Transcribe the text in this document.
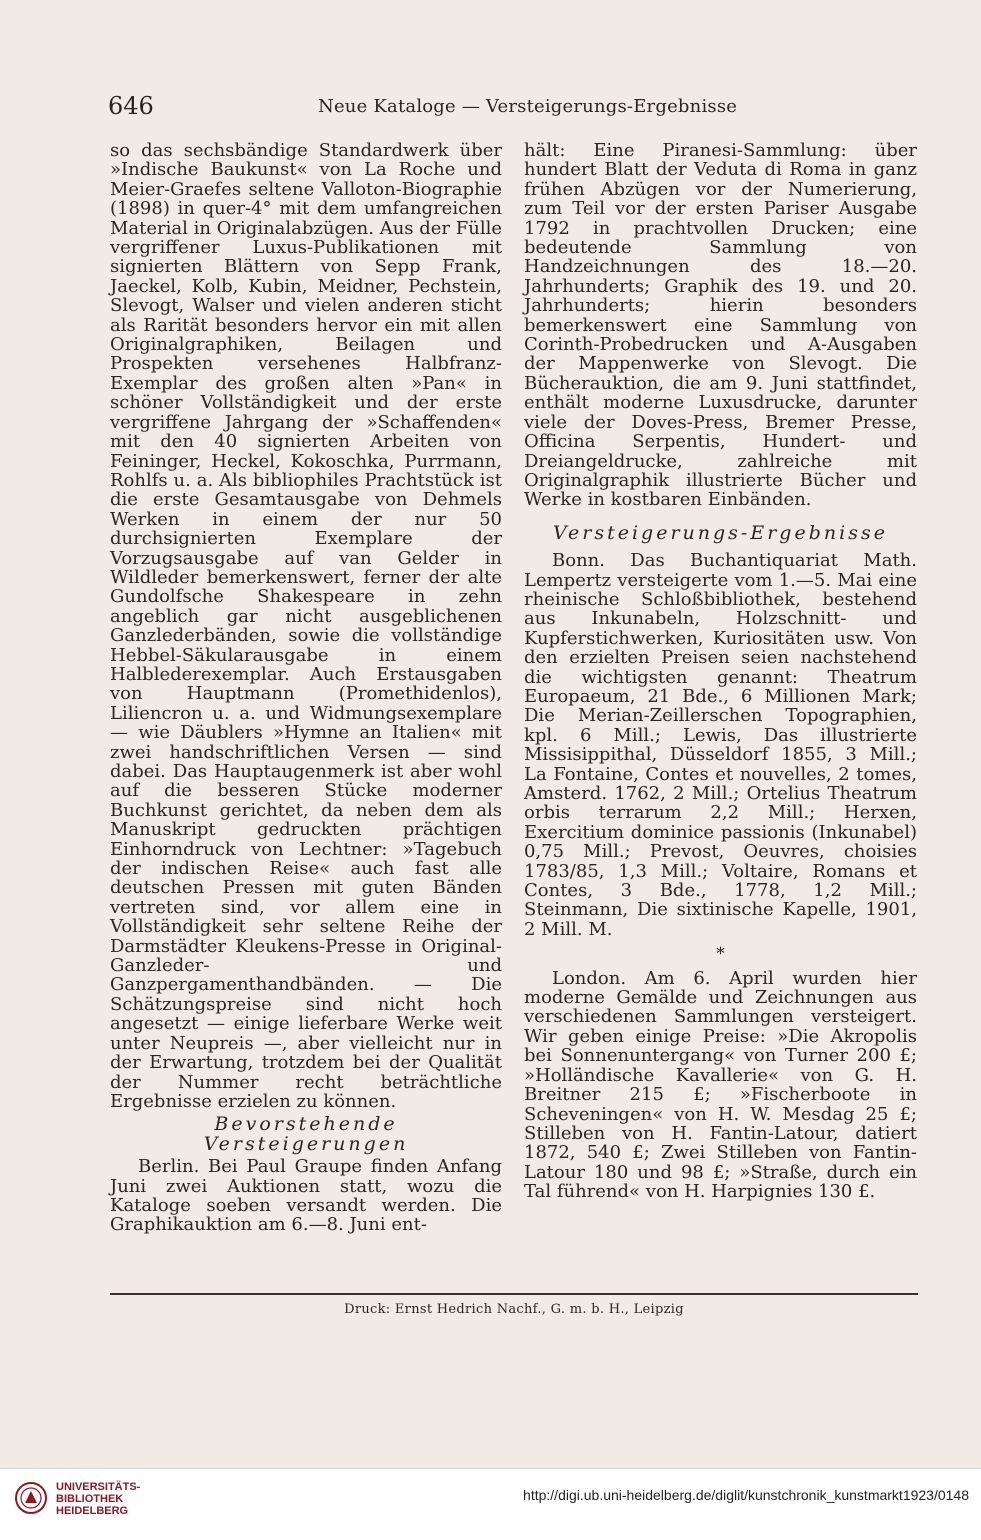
646	Neue Kataloge — Versteigerungs-Ergebnisse

so das sechsbändige Standardwerk über »Indische Baukunst« von La Roche und Meier-Graefes seltene Valloton-Biographie (1898) in quer-4° mit dem umfangreichen Material in Originalabzügen. Aus der Fülle vergriffener Luxus-Publikationen mit signierten Blättern von Sepp Frank, Jaeckel, Kolb, Kubin, Meidner, Pechstein, Slevogt, Walser und vielen anderen sticht als Rarität besonders hervor ein mit allen Originalgraphiken, Beilagen und Prospekten versehenes Halbfranz-Exemplar des großen alten »Pan« in schöner Vollständigkeit und der erste vergriffene Jahrgang der »Schaffenden« mit den 40 signierten Arbeiten von Feininger, Heckel, Kokoschka, Purrmann, Rohlfs u. a. Als bibliophiles Prachtstück ist die erste Gesamtausgabe von Dehmels Werken in einem der nur 50 durchsignierten Exemplare der Vorzugsausgabe auf van Gelder in Wildleder bemerkenswert, ferner der alte Gundolfsche Shakespeare in zehn angeblich gar nicht ausgeblichenen Ganzlederbänden, sowie die vollständige Hebbel-Säkularausgabe in einem Halblederexemplar. Auch Erstausgaben von Hauptmann (Promethidenlos), Liliencron u. a. und Widmungsexemplare — wie Däublers »Hymne an Italien« mit zwei handschriftlichen Versen — sind dabei. Das Hauptaugenmerk ist aber wohl auf die besseren Stücke moderner Buchkunst gerichtet, da neben dem als Manuskript gedruckten prächtigen Einhorndruck von Lechtner: »Tagebuch der indischen Reise« auch fast alle deutschen Pressen mit guten Bänden vertreten sind, vor allem eine in Vollständigkeit sehr seltene Reihe der Darmstädter Kleukens-Presse in Original-Ganzleder- und Ganzpergamenthandbänden. — Die Schätzungspreise sind nicht hoch angesetzt — einige lieferbare Werke weit unter Neupreis —, aber vielleicht nur in der Erwartung, trotzdem bei der Qualität der Nummer recht beträchtliche Ergebnisse erzielen zu können.

Bevorstehende Versteigerungen

Berlin. Bei Paul Graupe finden Anfang Juni zwei Auktionen statt, wozu die Kataloge soeben versandt werden. Die Graphikauktion am 6.—8. Juni ent-

hält: Eine Piranesi-Sammlung: über hundert Blatt der Veduta di Roma in ganz frühen Abzügen vor der Numerierung, zum Teil vor der ersten Pariser Ausgabe 1792 in prachtvollen Drucken; eine bedeutende Sammlung von Handzeichnungen des 18.—20. Jahrhunderts; Graphik des 19. und 20. Jahrhunderts; hierin besonders bemerkenswert eine Sammlung von Corinth-Probedrucken und A-Ausgaben der Mappenwerke von Slevogt. Die Bücherauktion, die am 9. Juni stattfindet, enthält moderne Luxusdrucke, darunter viele der Doves-Press, Bremer Presse, Officina Serpentis, Hundert- und Dreiangeldrucke, zahlreiche mit Originalgraphik illustrierte Bücher und Werke in kostbaren Einbänden.

Versteigerungs-Ergebnisse

Bonn. Das Buchantiquariat Math. Lempertz versteigerte vom 1.—5. Mai eine rheinische Schloßbibliothek, bestehend aus Inkunabeln, Holzschnitt- und Kupferstichwerken, Kuriositäten usw. Von den erzielten Preisen seien nachstehend die wichtigsten genannt: Theatrum Europaeum, 21 Bde., 6 Millionen Mark; Die Merian-Zeillerschen Topographien, kpl. 6 Mill.; Lewis, Das illustrierte Missisippithal, Düsseldorf 1855, 3 Mill.; La Fontaine, Contes et nouvelles, 2 tomes, Amsterd. 1762, 2 Mill.; Ortelius Theatrum orbis terrarum 2,2 Mill.; Herxen, Exercitium dominice passionis (Inkunabel) 0,75 Mill.; Prevost, Oeuvres, choisies 1783/85, 1,3 Mill.; Voltaire, Romans et Contes, 3 Bde., 1778, 1,2 Mill.; Steinmann, Die sixtinische Kapelle, 1901, 2 Mill. M.

*

London. Am 6. April wurden hier moderne Gemälde und Zeichnungen aus verschiedenen Sammlungen versteigert. Wir geben einige Preise: »Die Akropolis bei Sonnenuntergang« von Turner 200 £; »Holländische Kavallerie« von G. H. Breitner 215 £; »Fischerboote in Scheveningen« von H. W. Mesdag 25 £; Stilleben von H. Fantin-Latour, datiert 1872, 540 £; Zwei Stilleben von Fantin-Latour 180 und 98 £; »Straße, durch ein Tal führend« von H. Harpignies 130 £.

Druck: Ernst Hedrich Nachf., G. m. b. H., Leipzig
UNIVERSITÄTS-
BIBLIOTHEK
HEIDELBERG
http://digi.ub.uni-heidelberg.de/diglit/kunstchronik_kunstmarkt1923/0148
